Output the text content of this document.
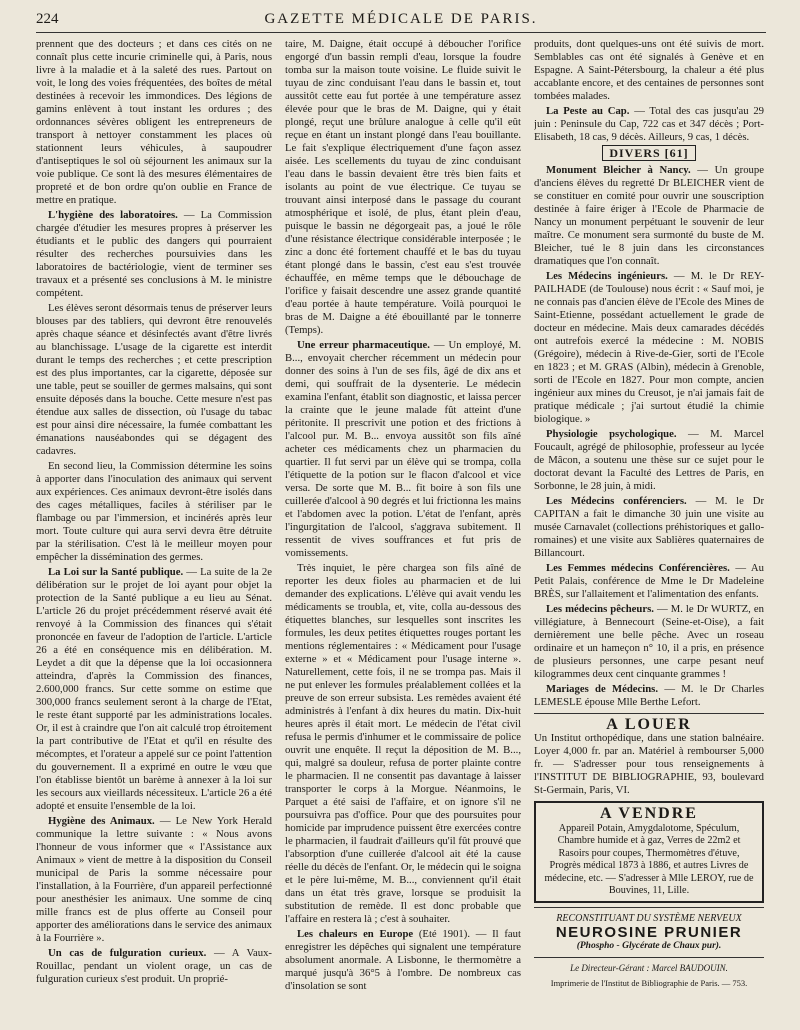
224	GAZETTE MÉDICALE DE PARIS.

prennent que des docteurs ; et dans ces cités on ne connaît plus cette incurie criminelle qui, à Paris, nous livre à la maladie et à la saleté des rues. Partout on voit, le long des voies fréquentées, des boîtes de métal destinées à recevoir les immondices. Des légions de gamins enlèvent à tout instant les ordures ; des ordonnances sévères obligent les entrepreneurs de transport à nettoyer constamment les places où stationnent leurs véhicules, à saupoudrer d'antiseptiques le sol où séjournent les animaux sur la voie publique. Ce sont là des mesures élémentaires de propreté et de bon ordre qu'on oublie en France de mettre en pratique.

L'hygiène des laboratoires. — La Commission chargée d'étudier les mesures propres à préserver les étudiants et le public des dangers qui pourraient résulter des recherches poursuivies dans les laboratoires de bactériologie, vient de terminer ses travaux et a présenté ses conclusions à M. le ministre compétent.

Les élèves seront désormais tenus de préserver leurs blouses par des tabliers, qui devront être renouvelés après chaque séance et désinfectés avant d'être livrés au blanchissage. L'usage de la cigarette est interdit durant le temps des recherches ; et cette prescription est des plus importantes, car la cigarette, déposée sur une table, peut se souiller de germes malsains, qui sont ensuite déposés dans la bouche. Cette mesure n'est pas étendue aux salles de dissection, où l'usage du tabac est pour ainsi dire nécessaire, la fumée combattant les émanations nauséabondes qui se dégagent des cadavres.

En second lieu, la Commission détermine les soins à apporter dans l'inoculation des animaux qui servent aux expériences. Ces animaux devront-être isolés dans des cages métalliques, faciles à stériliser par le flambage ou par l'immersion, et incinérés après leur mort. Toute culture qui aura servi devra être détruite par la stérilisation. C'est là le meilleur moyen pour empêcher la dissémination des germes.

La Loi sur la Santé publique. — La suite de la 2e délibération sur le projet de loi ayant pour objet la protection de la Santé publique a eu lieu au Sénat. L'article 26 du projet précédemment réservé avait été renvoyé à la Commission des finances qui s'était prononcée en faveur de l'adoption de l'article. L'article 26 a été en conséquence mis en délibération. M. Leydet a dit que la dépense que la loi occasionnera atteindra, d'après la Commission des finances, 2.600,000 francs. Sur cette somme on estime que 300,000 francs seulement seront à la charge de l'Etat, le reste étant supporté par les administrations locales. Or, il est à craindre que l'on ait calculé trop étroitement la part contributive de l'Etat et qu'il en résulte des mécomptes, et l'orateur a appelé sur ce point l'attention du gouvernement. Il a exprimé en outre le vœu que l'on établisse bientôt un barème à annexer à la loi sur les secours aux vieillards nécessiteux. L'article 26 a été adopté et ensuite l'ensemble de la loi.

Hygiène des Animaux. — Le New York Herald communique la lettre suivante : « Nous avons l'honneur de vous informer que « l'Assistance aux Animaux » vient de mettre à la disposition du Conseil municipal de Paris la somme nécessaire pour l'installation, à la Fourrière, d'un appareil perfectionné pour anesthésier les animaux. Une somme de cinq mille francs est de plus offerte au Conseil pour apporter des améliorations dans le service des animaux à la Fourrière ».

Un cas de fulguration curieux. — A Vaux-Rouillac, pendant un violent orage, un cas de fulguration curieux s'est produit. Un proprié-

taire, M. Daigne, était occupé à déboucher l'orifice engorgé d'un bassin rempli d'eau, lorsque la foudre tomba sur la maison toute voisine. Le fluide suivit le tuyau de zinc conduisant l'eau dans le bassin et, tout aussitôt cette eau fut portée à une température assez élevée pour que le bras de M. Daigne, qui y était plongé, reçut une brûlure analogue à celle qu'il eût reçue en étant un instant plongé dans l'eau bouillante. Le fait s'explique électriquement d'une façon assez aisée. Les scellements du tuyau de zinc conduisant l'eau dans le bassin devaient être très bien faits et isolants au point de vue électrique. Ce tuyau se trouvant ainsi interposé dans le passage du courant atmosphérique et isolé, de plus, étant plein d'eau, puisque le bassin ne dégorgeait pas, a joué le rôle d'une résistance électrique considérable interposée ; le zinc a donc été fortement chauffé et le bas du tuyau étant plongé dans le bassin, c'est eau s'est trouvée échauffée, en même temps que le débouchage de l'orifice y faisait descendre une assez grande quantité d'eau portée à haute température. Voilà pourquoi le bras de M. Daigne a été ébouillanté par le tonnerre (Temps).

Une erreur pharmaceutique. — Un employé, M. B..., envoyait chercher récemment un médecin pour donner des soins à l'un de ses fils, âgé de dix ans et demi, qui souffrait de la dysenterie. Le médecin examina l'enfant, établit son diagnostic, et laissa percer la crainte que le jeune malade fût atteint d'une péritonite. Il prescrivit une potion et des frictions à l'alcool pur. M. B... envoya aussitôt son fils aîné acheter ces médicaments chez un pharmacien du quartier. Il fut servi par un élève qui se trompa, colla l'étiquette de la potion sur le flacon d'alcool et vice versa. De sorte que M. B... fit boire à son fils une cuillerée d'alcool à 90 degrés et lui frictionna les mains et l'abdomen avec la potion. L'état de l'enfant, après l'ingurgitation de l'alcool, s'aggrava subitement. Il ressentit de vives souffrances et fut pris de vomissements.

Très inquiet, le père chargea son fils aîné de reporter les deux fioles au pharmacien et de lui demander des explications. L'élève qui avait vendu les médicaments se troubla, et, vite, colla au-dessous des étiquettes blanches, sur lesquelles sont inscrites les formules, les deux petites étiquettes rouges portant les mentions réglementaires : « Médicament pour l'usage externe » et « Médicament pour l'usage interne ». Naturellement, cette fois, il ne se trompa pas. Mais il ne put enlever les formules préalablement collées et la preuve de son erreur subsista. Les remèdes avaient été administrés à l'enfant à dix heures du matin. Dix-huit heures après il était mort. Le médecin de l'état civil refusa le permis d'inhumer et le commissaire de police ouvrit une enquête. Il reçut la déposition de M. B..., qui, malgré sa douleur, refusa de porter plainte contre le pharmacien. Il ne consentit pas davantage à laisser transporter le corps à la Morgue. Néanmoins, le Parquet a été saisi de l'affaire, et on ignore s'il ne poursuivra pas d'office. Pour que des poursuites pour homicide par imprudence puissent être exercées contre le pharmacien, il faudrait d'ailleurs qu'il fût prouvé que l'absorption d'une cuillerée d'alcool ait été la cause réelle du décès de l'enfant. Or, le médecin qui le soigna et le père lui-même, M. B..., conviennent qu'il était dans un état très grave, lorsque se produisit la substitution de remède. Il est donc probable que l'affaire en restera là ; c'est à souhaiter.

Les chaleurs en Europe (Eté 1901). — Il faut enregistrer les dépêches qui signalent une température absolument anormale. A Lisbonne, le thermomètre a marqué jusqu'à 36°5 à l'ombre. De nombreux cas d'insolation se sont

produits, dont quelques-uns ont été suivis de mort. Semblables cas ont été signalés à Genève et en Espagne. A Saint-Pétersbourg, la chaleur a été plus accablante encore, et des centaines de personnes sont tombées malades.

La Peste au Cap. — Total des cas jusqu'au 29 juin : Peninsule du Cap, 722 cas et 347 décès ; Port-Elisabeth, 18 cas, 9 décès. Ailleurs, 9 cas, 1 décès.

DIVERS [61]

Monument Bleicher à Nancy. — Un groupe d'anciens élèves du regretté Dr BLEICHER vient de se constituer en comité pour ouvrir une souscription destinée à faire ériger à l'Ecole de Pharmacie de Nancy un monument perpétuant le souvenir de leur maître. Ce monument sera surmonté du buste de M. Bleicher, tué le 8 juin dans les circonstances dramatiques que l'on connaît.

Les Médecins ingénieurs. — M. le Dr REY-PAILHADE (de Toulouse) nous écrit : « Sauf moi, je ne connais pas d'ancien élève de l'Ecole des Mines de Saint-Etienne, possédant actuellement le grade de docteur en médecine. Mais deux camarades décédés ont autrefois exercé la médecine : M. NOBIS (Grégoire), médecin à Rive-de-Gier, sorti de l'Ecole en 1823 ; et M. GRAS (Albin), médecin à Grenoble, sorti de l'Ecole en 1827. Pour mon compte, ancien ingénieur aux mines du Creusot, je n'ai jamais fait de pratique médicale ; j'ai surtout étudié la chimie biologique. »

Physiologie psychologique. — M. Marcel Foucault, agrégé de philosophie, professeur au lycée de Mâcon, a soutenu une thèse sur ce sujet pour le doctorat devant la Faculté des Lettres de Paris, en Sorbonne, le 28 juin, à midi.

Les Médecins conférenciers. — M. le Dr CAPITAN a fait le dimanche 30 juin une visite au musée Carnavalet (collections préhistoriques et gallo-romaines) et une visite aux Sablières quaternaires de Billancourt.

Les Femmes médecins Conférencières. — Au Petit Palais, conférence de Mme le Dr Madeleine BRÈS, sur l'allaitement et l'alimentation des enfants.

Les médecins pêcheurs. — M. le Dr WURTZ, en villégiature, à Bennecourt (Seine-et-Oise), a fait dernièrement une belle pêche. Avec un roseau ordinaire et un hameçon n° 10, il a pris, en présence de plusieurs personnes, une carpe pesant neuf kilogrammes deux cent cinquante grammes !

Mariages de Médecins. — M. le Dr Charles LEMESLE épouse Mlle Berthe Lefort.

A LOUER

Un Institut orthopédique, dans une station balnéaire. Loyer 4,000 fr. par an. Matériel à rembourser 5,000 fr. — S'adresser pour tous renseignements à l'INSTITUT DE BIBLIOGRAPHIE, 93, boulevard St-Germain, Paris, VI.

A VENDRE
Appareil Potain, Amygdalotome, Spéculum, Chambre humide et à gaz, Verres de 22m2 et Rasoirs pour coupes, Thermomètres d'étuve, Progrès médical 1873 à 1886, et autres Livres de médecine, etc. — S'adresser à Mlle LEROY, rue de Bouvines, 11, Lille.
RECONSTITUANT DU SYSTÈME NERVEUX
NEUROSINE PRUNIER
(Phospho - Glycérate de Chaux pur).
Le Directeur-Gérant : Marcel BAUDOUIN.
Imprimerie de l'Institut de Bibliographie de Paris. — 753.
